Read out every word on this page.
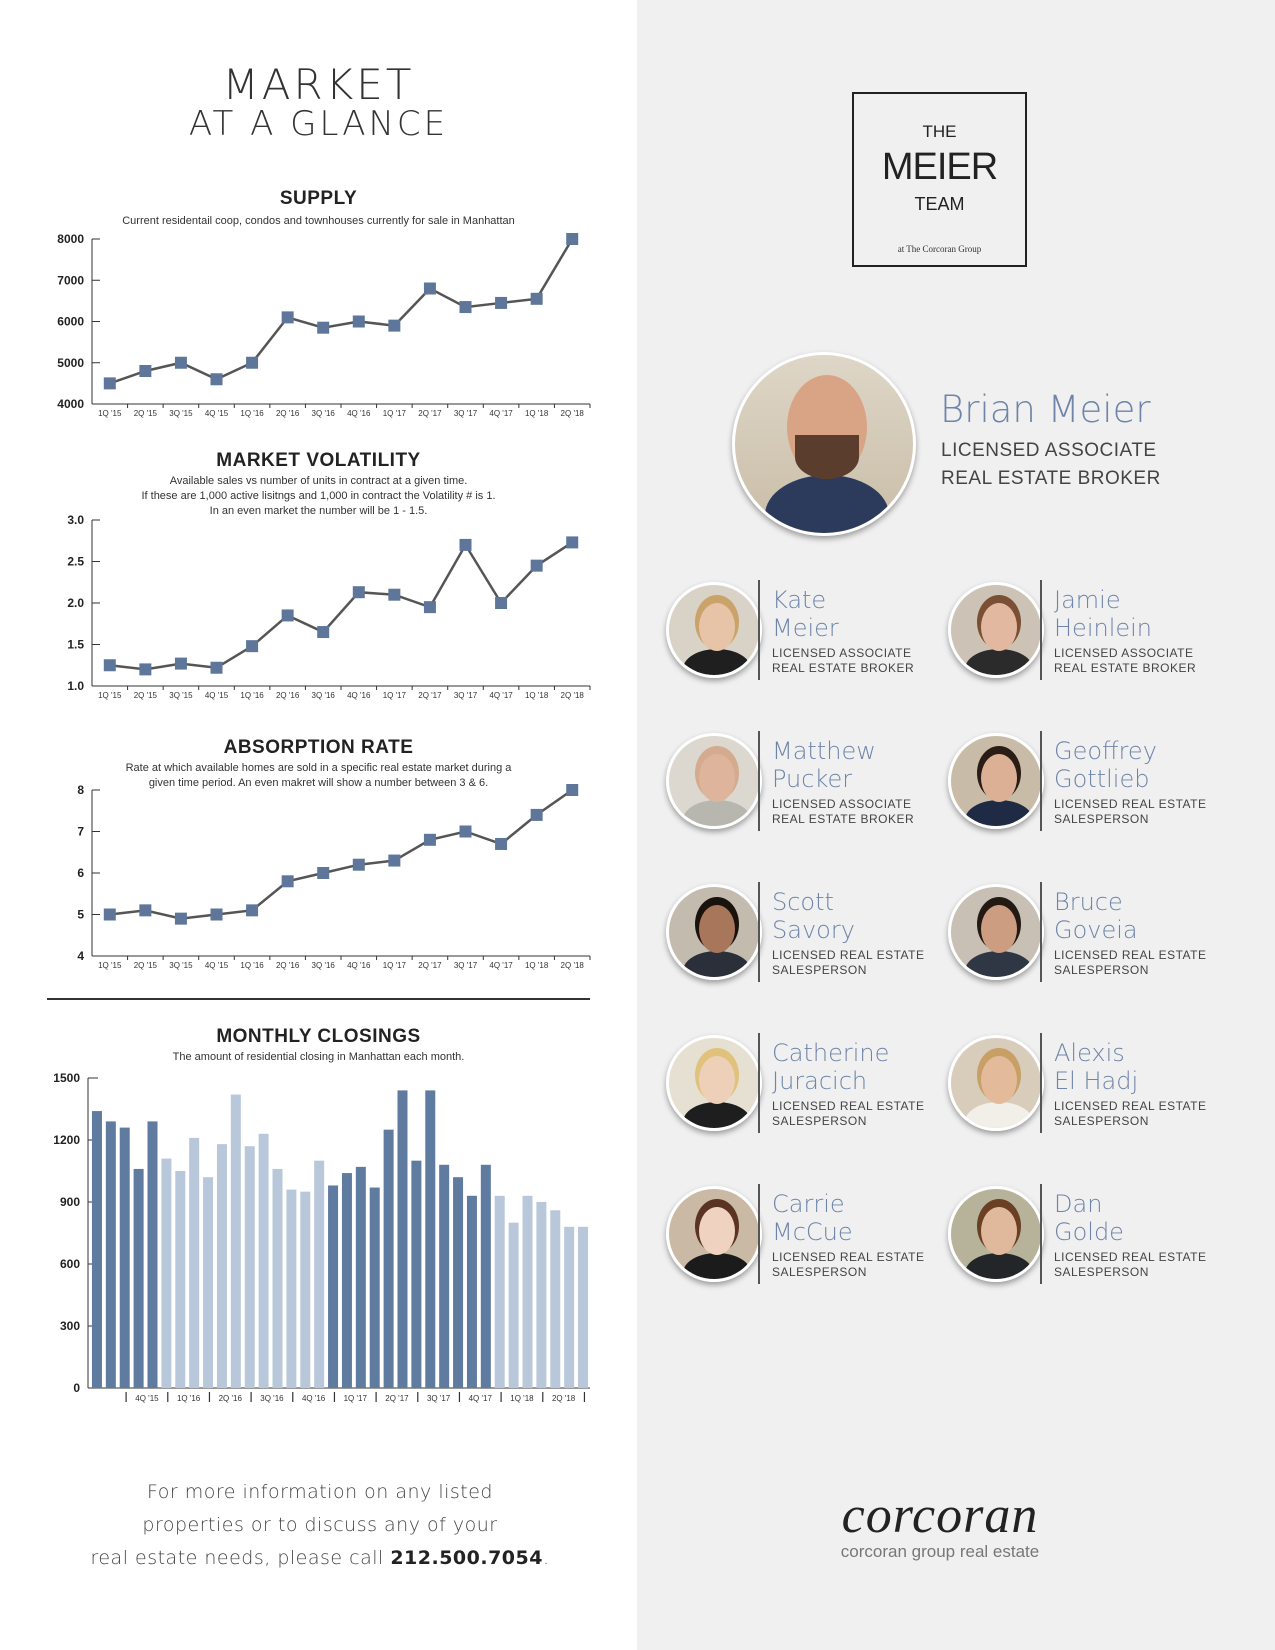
MARKET
AT A GLANCE
SUPPLY
Current residentail coop, condos and townhouses currently for sale in Manhattan
4000
5000
6000
7000
8000
1Q '15 2Q '15 3Q '15 4Q '15 1Q '16 2Q '16 3Q '16 4Q '16 1Q '17 2Q '17 3Q '17 4Q '17 1Q '18 2Q '18
MARKET VOLATILITY
Available sales vs number of units in contract at a given time.
If these are 1,000 active lisitngs and 1,000 in contract the Volatility # is 1.
In an even market the number will be 1 - 1.5.
1.0
1.5
2.0
2.5
3.0
1Q '15 2Q '15 3Q '15 4Q '15 1Q '16 2Q '16 3Q '16 4Q '16 1Q '17 2Q '17 3Q '17 4Q '17 1Q '18 2Q '18
ABSORPTION RATE
Rate at which available homes are sold in a specific real estate market during a
given time period. An even makret will show a number between 3 & 6.
4
5
6
7
8
1Q '15 2Q '15 3Q '15 4Q '15 1Q '16 2Q '16 3Q '16 4Q '16 1Q '17 2Q '17 3Q '17 4Q '17 1Q '18 2Q '18
MONTHLY CLOSINGS
The amount of residential closing in Manhattan each month.
0
300
600
900
1200
1500
4Q '15 1Q '16 2Q '16 3Q '16 4Q '16 1Q '17 2Q '17 3Q '17 4Q '17 1Q '18 2Q '18
For more information on any listed
properties or to discuss any of your
real estate needs, please call 212.500.7054.
THE
MEIER
TEAM
at The Corcoran Group
Brian Meier
LICENSED ASSOCIATE
REAL ESTATE BROKER
Kate
Meier
LICENSED ASSOCIATE
REAL ESTATE BROKER
Jamie
Heinlein
LICENSED ASSOCIATE
REAL ESTATE BROKER
Matthew
Pucker
LICENSED ASSOCIATE
REAL ESTATE BROKER
Geoffrey
Gottlieb
LICENSED REAL ESTATE
SALESPERSON
Scott
Savory
LICENSED REAL ESTATE
SALESPERSON
Bruce
Goveia
LICENSED REAL ESTATE
SALESPERSON
Catherine
Juracich
LICENSED REAL ESTATE
SALESPERSON
Alexis
El Hadj
LICENSED REAL ESTATE
SALESPERSON
Carrie
McCue
LICENSED REAL ESTATE
SALESPERSON
Dan
Golde
LICENSED REAL ESTATE
SALESPERSON
corcoran
corcoran group real estate
